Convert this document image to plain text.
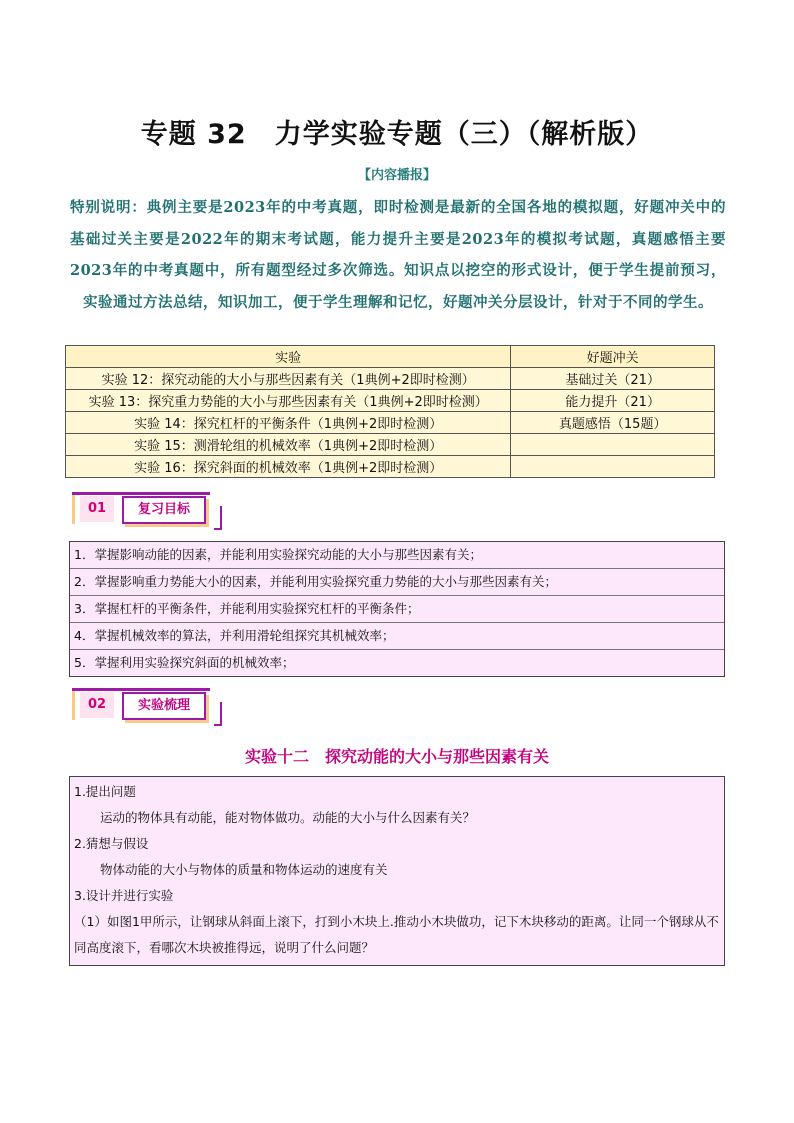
专题 32　力学实验专题（三）（解析版）
【内容播报】
特别说明：典例主要是2023年的中考真题，即时检测是最新的全国各地的模拟题，好题冲关中的基础过关主要是2022年的期末考试题，能力提升主要是2023年的模拟考试题，真题感悟主要2023年的中考真题中，所有题型经过多次筛选。知识点以挖空的形式设计，便于学生提前预习，实验通过方法总结，知识加工，便于学生理解和记忆，好题冲关分层设计，针对于不同的学生。
实验	好题冲关
实验 12：探究动能的大小与那些因素有关（1典例+2即时检测）	基础过关（21）
实验 13：探究重力势能的大小与那些因素有关（1典例+2即时检测）	能力提升（21）
实验 14：探究杠杆的平衡条件（1典例+2即时检测）	真题感悟（15题）
实验 15：测滑轮组的机械效率（1典例+2即时检测）	
实验 16：探究斜面的机械效率（1典例+2即时检测）	
01	复习目标
1．掌握影响动能的因素，并能利用实验探究动能的大小与那些因素有关；
2．掌握影响重力势能大小的因素，并能利用实验探究重力势能的大小与那些因素有关；
3．掌握杠杆的平衡条件，并能利用实验探究杠杆的平衡条件；
4．掌握机械效率的算法，并利用滑轮组探究其机械效率；
5．掌握利用实验探究斜面的机械效率；
02	实验梳理
实验十二　探究动能的大小与那些因素有关
1.提出问题
运动的物体具有动能，能对物体做功。动能的大小与什么因素有关？
2.猜想与假设
物体动能的大小与物体的质量和物体运动的速度有关
3.设计并进行实验
（1）如图1甲所示，让钢球从斜面上滚下，打到小木块上.推动小木块做功，记下木块移动的距离。让同一个钢球从不同高度滚下，看哪次木块被推得远，说明了什么问题？
